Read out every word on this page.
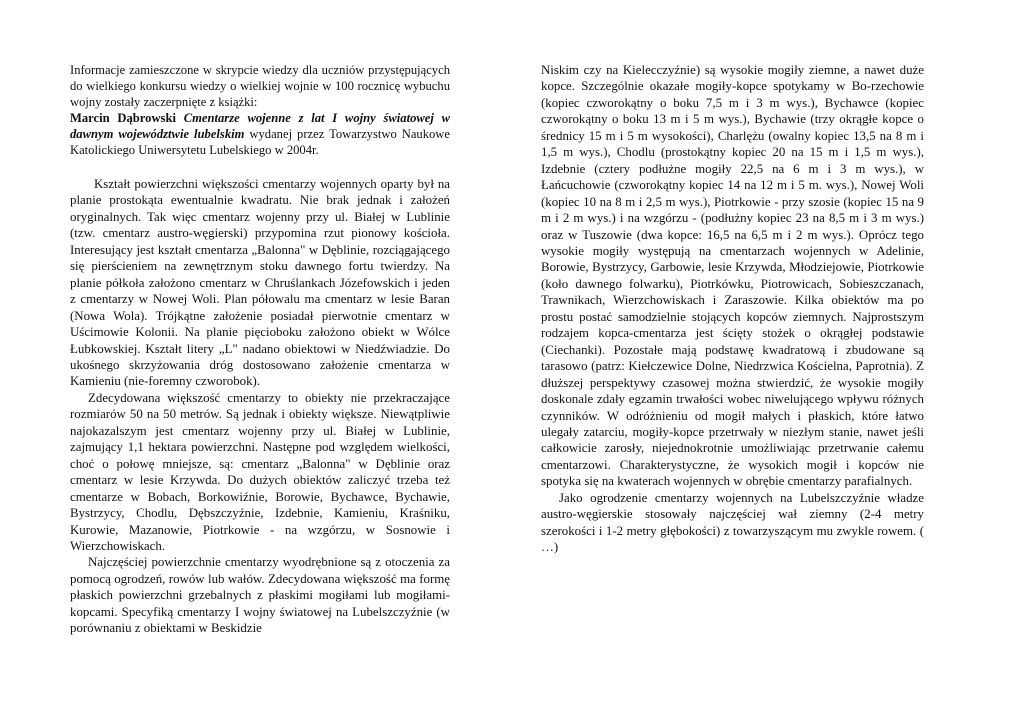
Informacje zamieszczone w skrypcie wiedzy dla uczniów przystępujących do wielkiego konkursu wiedzy o wielkiej wojnie w 100 rocznicę wybuchu wojny zostały zaczerpnięte z książki:
Marcin Dąbrowski Cmentarze wojenne z lat I wojny światowej w dawnym województwie lubelskim wydanej przez Towarzystwo Naukowe Katolickiego Uniwersytetu Lubelskiego w 2004r.

Kształt powierzchni większości cmentarzy wojennych oparty był na planie prostokąta ewentualnie kwadratu. Nie brak jednak i założeń oryginalnych. Tak więc cmentarz wojenny przy ul. Białej w Lublinie (tzw. cmentarz austro-węgierski) przypomina rzut pionowy kościoła. Interesujący jest kształt cmentarza „Balonna" w Dęblinie, rozciągającego się pierścieniem na zewnętrznym stoku dawnego fortu twierdzy. Na planie półkoła założono cmentarz w Chruślankach Józefowskich i jeden z cmentarzy w Nowej Woli. Plan półowalu ma cmentarz w lesie Baran (Nowa Wola). Trójkątne założenie posiadał pierwotnie cmentarz w Uścimowie Kolonii. Na planie pięcioboku założono obiekt w Wólce Łubkowskiej. Kształt litery „L" nadano obiektowi w Niedźwiadzie. Do ukośnego skrzyżowania dróg dostosowano założenie cmentarza w Kamieniu (nie-foremny czworobok).

Zdecydowana większość cmentarzy to obiekty nie przekraczające rozmiarów 50 na 50 metrów. Są jednak i obiekty większe. Niewątpliwie najokazalszym jest cmentarz wojenny przy ul. Białej w Lublinie, zajmujący 1,1 hektara powierzchni. Następne pod względem wielkości, choć o połowę mniejsze, są: cmentarz „Balonna" w Dęblinie oraz cmentarz w lesie Krzywda. Do dużych obiektów zaliczyć trzeba też cmentarze w Bobach, Borkowiźnie, Borowie, Bychawce, Bychawie, Bystrzycy, Chodlu, Dębszczyźnie, Izdebnie, Kamieniu, Kraśniku, Kurowie, Mazanowie, Piotrkowie - na wzgórzu, w Sosnowie i Wierzchowiskach.

Najczęściej powierzchnie cmentarzy wyodrębnione są z otoczenia za pomocą ogrodzeń, rowów lub wałów. Zdecydowana większość ma formę płaskich powierzchni grzebalnych z płaskimi mogiłami lub mogiłami-kopcami. Specyfiką cmentarzy I wojny światowej na Lubelszczyźnie (w porównaniu z obiektami w Beskidzie

Niskim czy na Kielecczyźnie) są wysokie mogiły ziemne, a nawet duże kopce. Szczególnie okazałe mogiły-kopce spotykamy w Bo-rzechowie (kopiec czworokątny o boku 7,5 m i 3 m wys.), Bychawce (kopiec czworokątny o boku 13 m i 5 m wys.), Bychawie (trzy okrągłe kopce o średnicy 15 m i 5 m wysokości), Charlężu (owalny kopiec 13,5 na 8 m i 1,5 m wys.), Chodlu (prostokątny kopiec 20 na 15 m i 1,5 m wys.), Izdebnie (cztery podłużne mogiły 22,5 na 6 m i 3 m wys.), w Łańcuchowie (czworokątny kopiec 14 na 12 m i 5 m. wys.), Nowej Woli (kopiec 10 na 8 m i 2,5 m wys.), Piotrkowie - przy szosie (kopiec 15 na 9 m i 2 m wys.) i na wzgórzu - (podłużny kopiec 23 na 8,5 m i 3 m wys.) oraz w Tuszowie (dwa kopce: 16,5 na 6,5 m i 2 m wys.). Oprócz tego wysokie mogiły występują na cmentarzach wojennych w Adelinie, Borowie, Bystrzycy, Garbowie, lesie Krzywda, Młodziejowie, Piotrkowie (koło dawnego folwarku), Piotrkówku, Piotrowicach, Sobieszczanach, Trawnikach, Wierzchowiskach i Zaraszowie. Kilka obiektów ma po prostu postać samodzielnie stojących kopców ziemnych. Najprostszym rodzajem kopca-cmentarza jest ścięty stożek o okrągłej podstawie (Ciechanki). Pozostałe mają podstawę kwadratową i zbudowane są tarasowo (patrz: Kiełczewice Dolne, Niedrzwica Kościelna, Paprotnia). Z dłuższej perspektywy czasowej można stwierdzić, że wysokie mogiły doskonale zdały egzamin trwałości wobec niwelującego wpływu różnych czynników. W odróżnieniu od mogił małych i płaskich, które łatwo ulegały zatarciu, mogiły-kopce przetrwały w niezłym stanie, nawet jeśli całkowicie zarosły, niejednokrotnie umożliwiając przetrwanie całemu cmentarzowi. Charakterystyczne, że wysokich mogił i kopców nie spotyka się na kwaterach wojennych w obrębie cmentarzy parafialnych.

Jako ogrodzenie cmentarzy wojennych na Lubelszczyźnie władze austro-węgierskie stosowały najczęściej wał ziemny (2-4 metry szerokości i 1-2 metry głębokości) z towarzyszącym mu zwykle rowem. ( …)
